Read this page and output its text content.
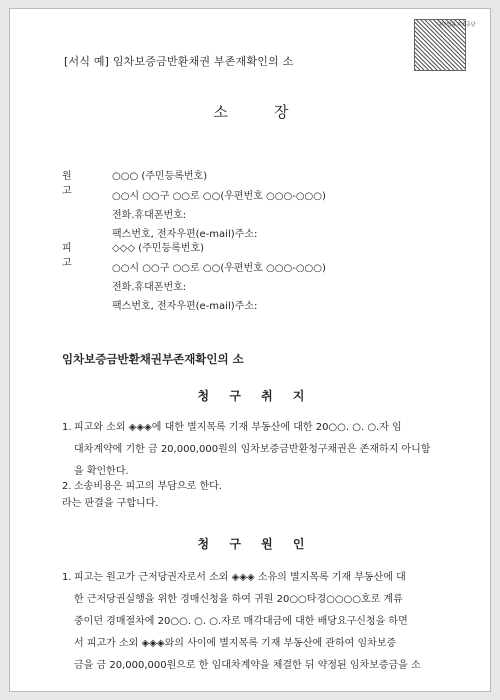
대한법률구조공단
[서식 예] 임차보증금반환채권 부존재확인의 소
소장
원고
○○○ (주민등록번호)
○○시 ○○구 ○○로 ○○(우편번호 ○○○-○○○)
전화.휴대폰번호:
팩스번호, 전자우편(e-mail)주소:
피고
◇◇◇ (주민등록번호)
○○시 ○○구 ○○로 ○○(우편번호 ○○○-○○○)
전화.휴대폰번호:
팩스번호, 전자우편(e-mail)주소:
임차보증금반환채권부존재확인의 소
청 구 취 지
1. 피고와 소외 ◈◈◈에 대한 별지목록 기재 부동산에 대한 20○○. ○. ○.자 임
대차계약에 기한 금 20,000,000원의 임차보증금반환청구채권은 존재하지 아니함
을 확인한다.
2. 소송비용은 피고의 부담으로 한다.
라는 판결을 구합니다.
청 구 원 인
1. 피고는 원고가 근저당권자로서 소외 ◈◈◈ 소유의 별지목록 기재 부동산에 대
한 근저당권실행을 위한 경매신청을 하여 귀원 20○○타경○○○○호로 계류
중이던 경매절차에 20○○. ○. ○.자로 매각대금에 대한 배당요구신청을 하면
서 피고가 소외 ◈◈◈와의 사이에 별지목록 기재 부동산에 관하여 임차보증
금을 금 20,000,000원으로 한 임대차계약을 체결한 뒤 약정된 임차보증금을 소
